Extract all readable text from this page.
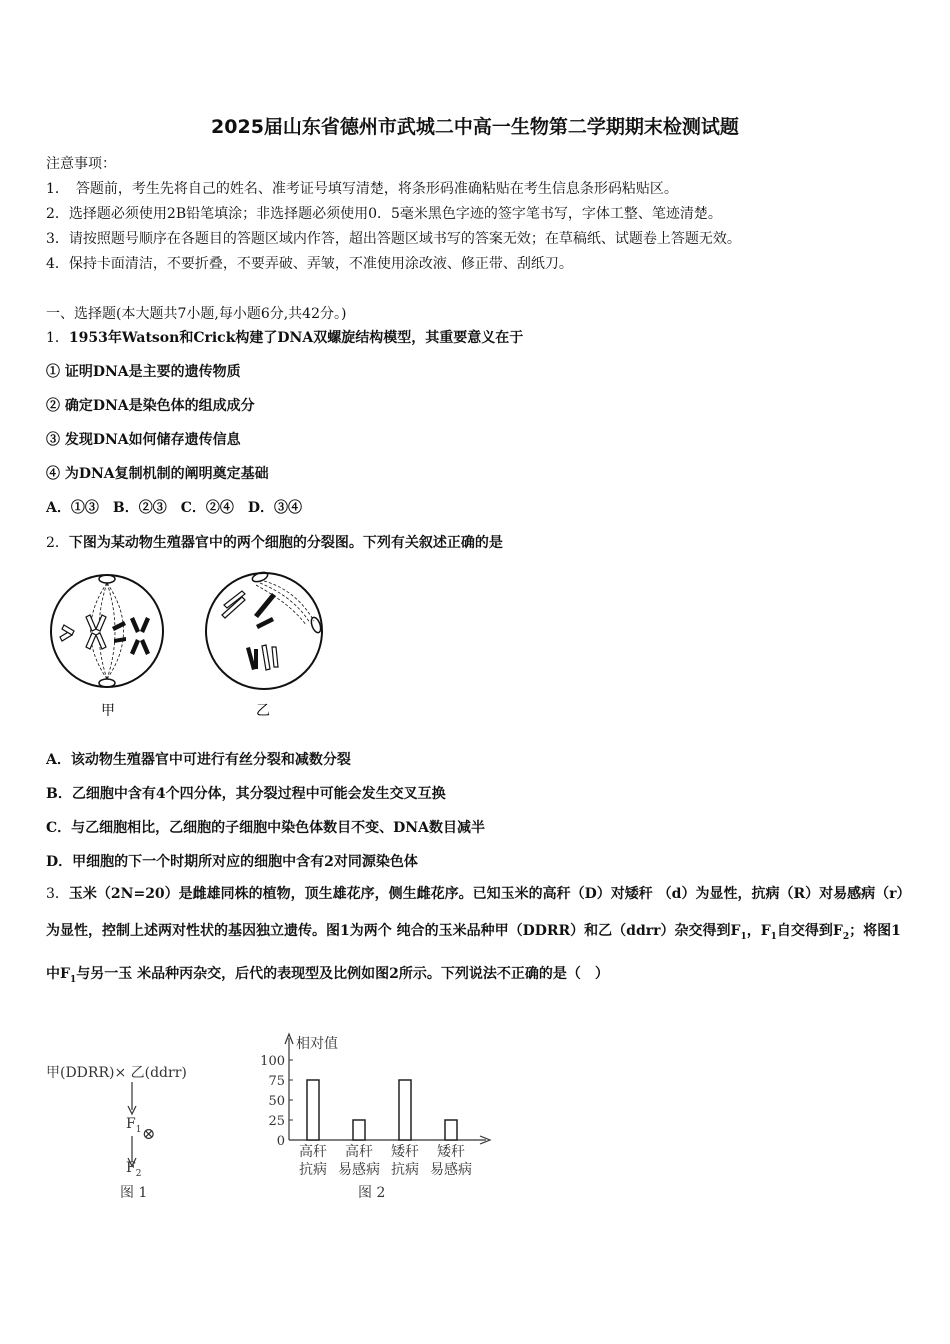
2025届山东省德州市武城二中高一生物第二学期期末检测试题
注意事项：
1．　答题前，考生先将自己的姓名、准考证号填写清楚，将条形码准确粘贴在考生信息条形码粘贴区。
2．选择题必须使用2B铅笔填涂；非选择题必须使用0．5毫米黑色字迹的签字笔书写，字体工整、笔迹清楚。
3．请按照题号顺序在各题目的答题区域内作答，超出答题区域书写的答案无效；在草稿纸、试题卷上答题无效。
4．保持卡面清洁，不要折叠，不要弄破、弄皱，不准使用涂改液、修正带、刮纸刀。
一、选择题(本大题共7小题,每小题6分,共42分。)
1．1953年Watson和Crick构建了DNA双螺旋结构模型，其重要意义在于
① 证明DNA是主要的遗传物质
② 确定DNA是染色体的组成成分
③ 发现DNA如何储存遗传信息
④ 为DNA复制机制的阐明奠定基础
A．①③　B．②③　C．②④　D．③④
2．下图为某动物生殖器官中的两个细胞的分裂图。下列有关叙述正确的是
甲	乙
A．该动物生殖器官中可进行有丝分裂和减数分裂
B．乙细胞中含有4个四分体，其分裂过程中可能会发生交叉互换
C．与乙细胞相比，乙细胞的子细胞中染色体数目不变、DNA数目减半
D．甲细胞的下一个时期所对应的细胞中含有2对同源染色体
3．玉米（2N=20）是雌雄同株的植物，顶生雄花序，侧生雌花序。已知玉米的高秆（D）对矮秆 （d）为显性，抗病（R）对易感病（r）为显性，控制上述两对性状的基因独立遗传。图1为两个 纯合的玉米品种甲（DDRR）和乙（ddrr）杂交得到$F_1$，$F_1$自交得到$F_2$；将图1中$F_1$与另一玉 米品种丙杂交，后代的表现型及比例如图2所示。下列说法不正确的是（　）
甲(DDRR)× 乙(ddrr)
$F_1$ ⊗
$F_2$
图 1
相对值
100
75
50
25
0
高秆
抗病
高秆
易感病
矮秆
抗病
矮秆
易感病
图 2
